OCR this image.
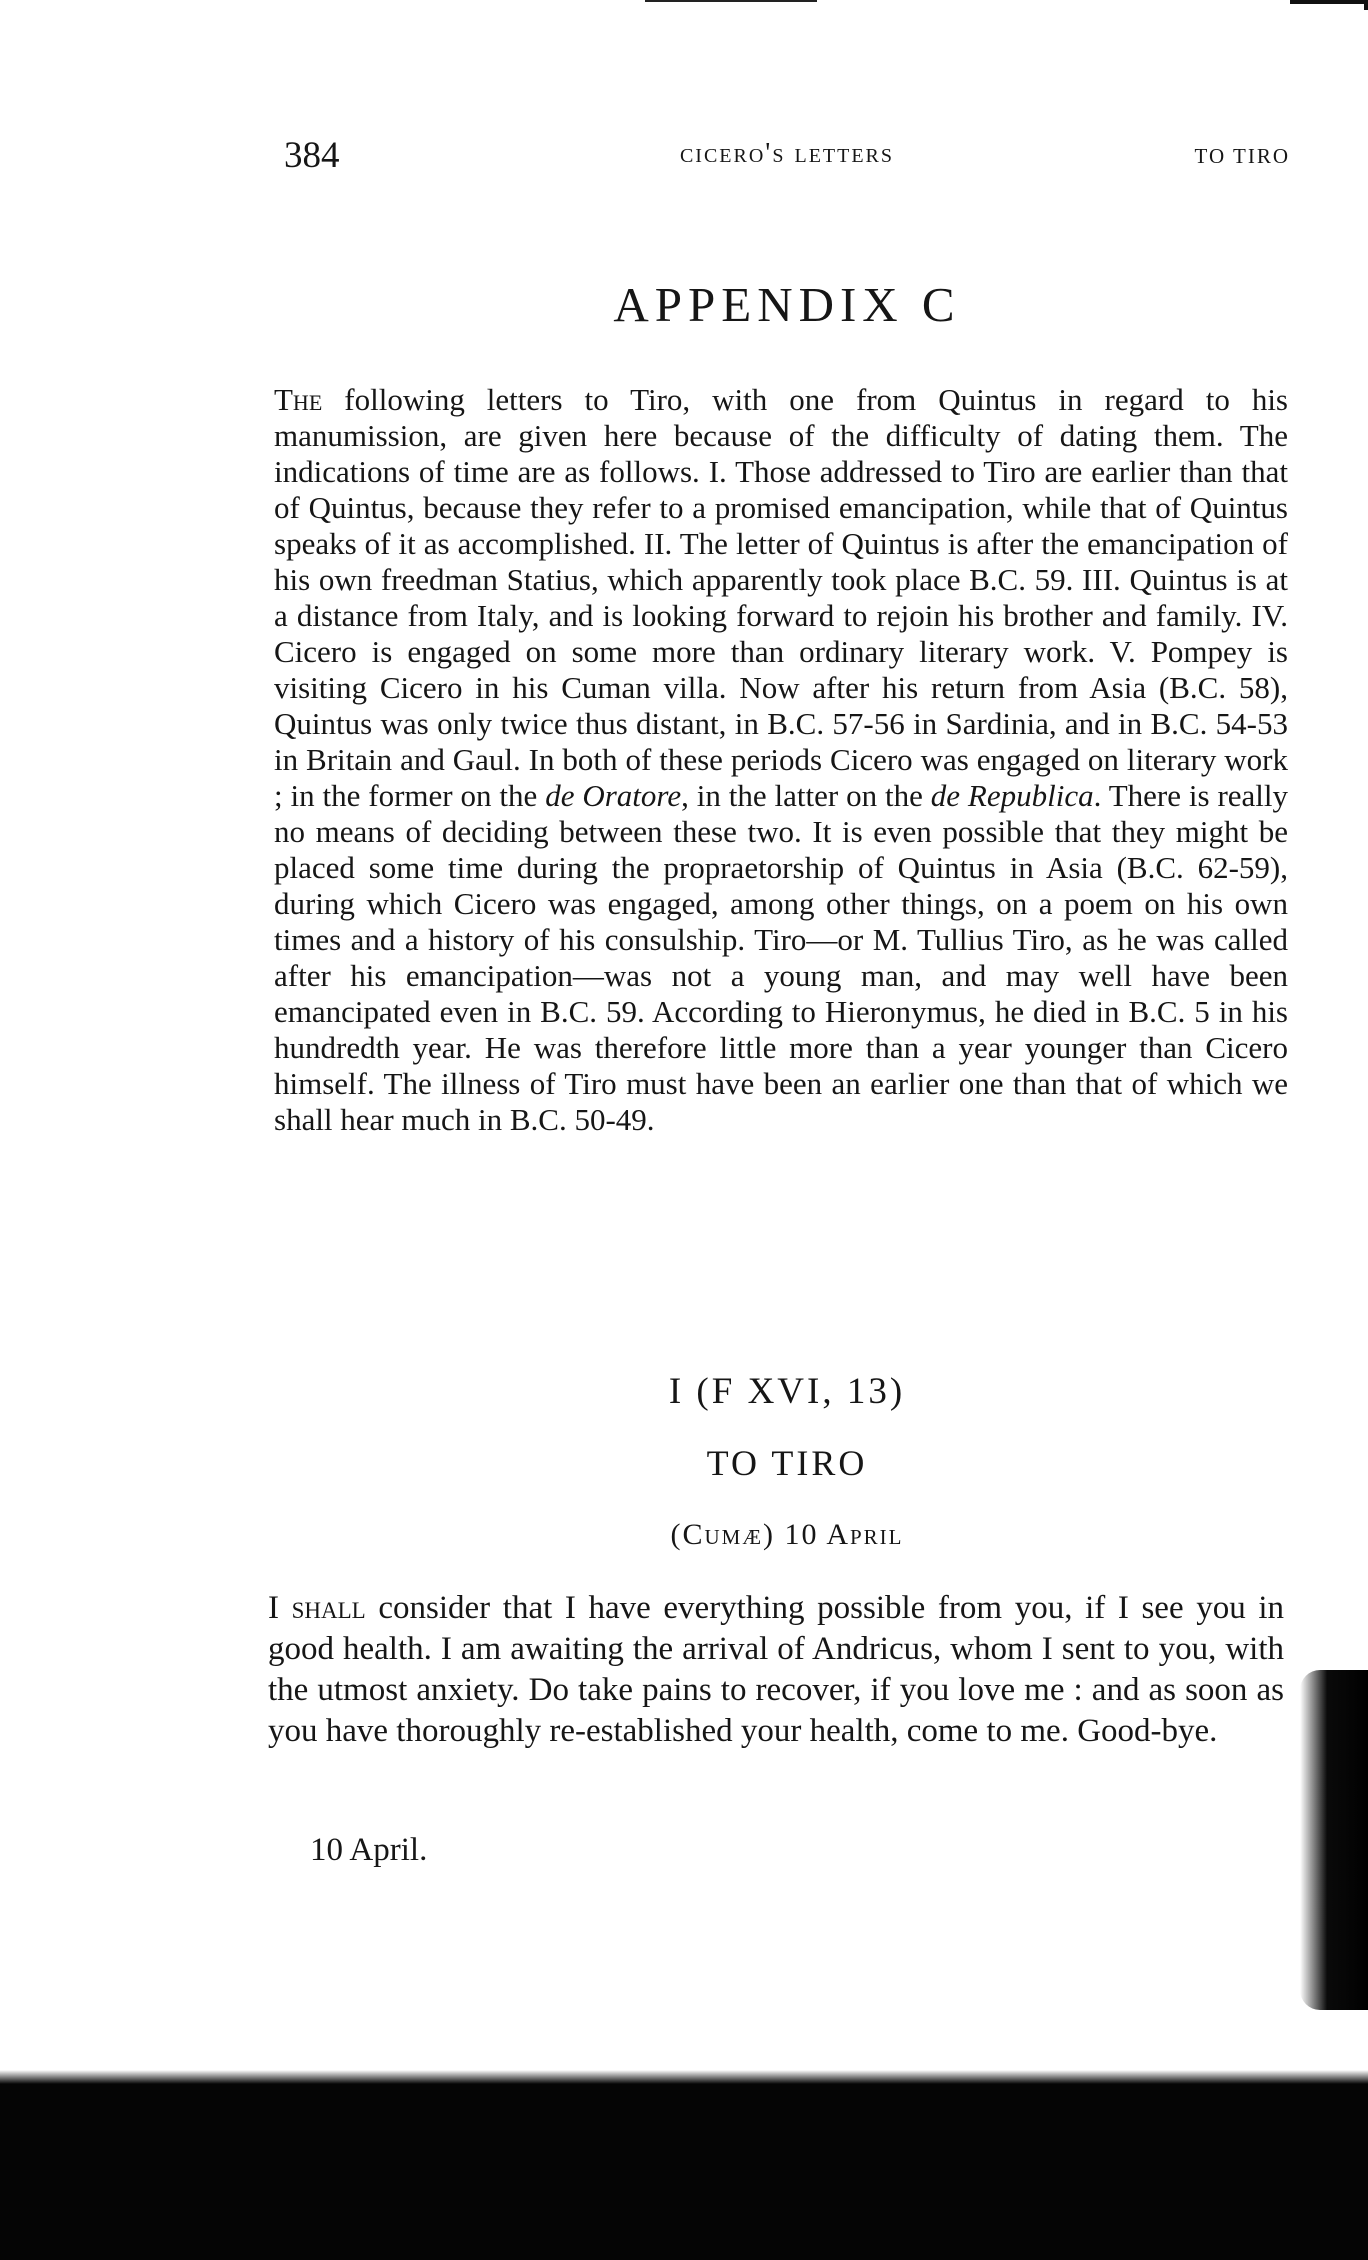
384	cicero's letters	TO TIRO
APPENDIX C
The following letters to Tiro, with one from Quintus in regard to his manumission, are given here because of the difficulty of dating them. The indications of time are as follows. I. Those addressed to Tiro are earlier than that of Quintus, because they refer to a promised emancipation, while that of Quintus speaks of it as accomplished. II. The letter of Quintus is after the emancipation of his own freedman Statius, which apparently took place B.C. 59. III. Quintus is at a distance from Italy, and is looking forward to rejoin his brother and family. IV. Cicero is engaged on some more than ordinary literary work. V. Pompey is visiting Cicero in his Cuman villa. Now after his return from Asia (B.C. 58), Quintus was only twice thus distant, in B.C. 57-56 in Sardinia, and in B.C. 54-53 in Britain and Gaul. In both of these periods Cicero was engaged on literary work ; in the former on the de Oratore, in the latter on the de Republica. There is really no means of deciding between these two. It is even possible that they might be placed some time during the propraetorship of Quintus in Asia (B.C. 62-59), during which Cicero was engaged, among other things, on a poem on his own times and a history of his consulship. Tiro—or M. Tullius Tiro, as he was called after his emancipation—was not a young man, and may well have been emancipated even in B.C. 59. According to Hieronymus, he died in B.C. 5 in his hundredth year. He was therefore little more than a year younger than Cicero himself. The illness of Tiro must have been an earlier one than that of which we shall hear much in B.C. 50-49.
I (F XVI, 13)
TO TIRO
(Cumæ) 10 April
I shall consider that I have everything possible from you, if I see you in good health. I am awaiting the arrival of Andricus, whom I sent to you, with the utmost anxiety. Do take pains to recover, if you love me : and as soon as you have thoroughly re-established your health, come to me. Good-bye.
10 April.
